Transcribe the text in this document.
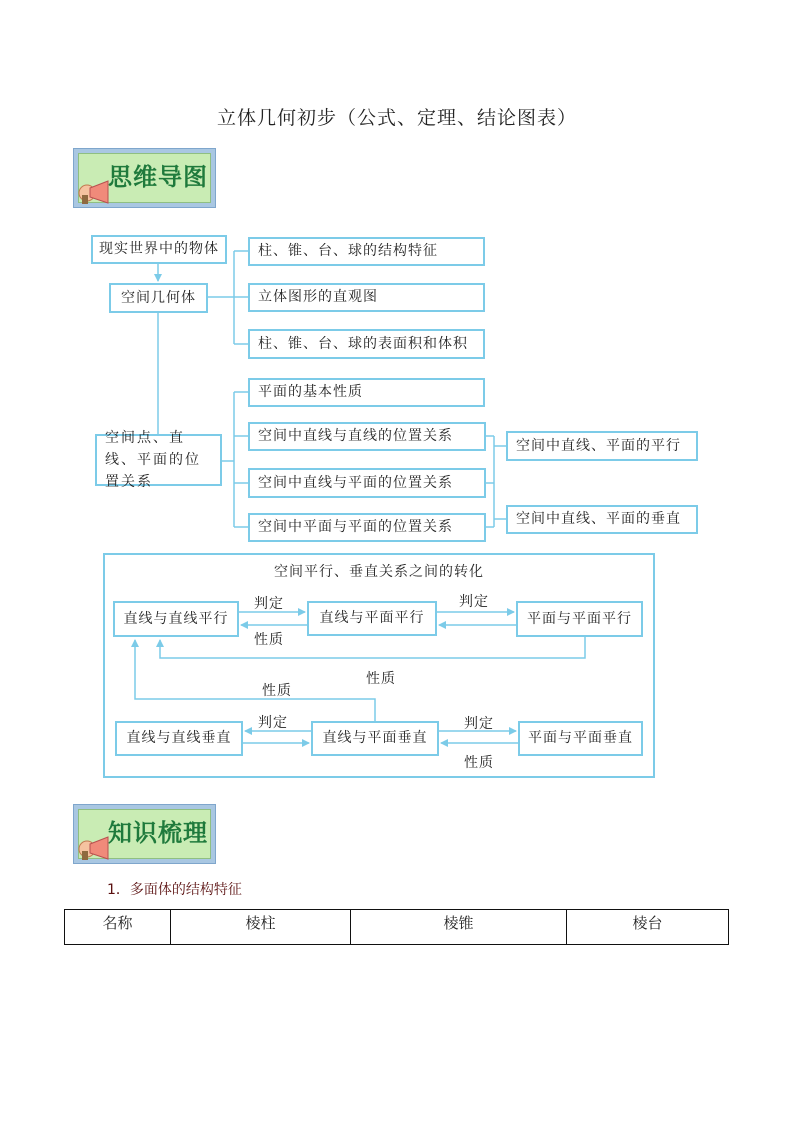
立体几何初步（公式、定理、结论图表）
思维导图
现实世界中的物体
空间几何体
柱、锥、台、球的结构特征
立体图形的直观图
柱、锥、台、球的表面积和体积
空间点、直线、平面的位置关系
平面的基本性质
空间中直线与直线的位置关系
空间中直线与平面的位置关系
空间中平面与平面的位置关系
空间中直线、平面的平行
空间中直线、平面的垂直
空间平行、垂直关系之间的转化
直线与直线平行	直线与平面平行	平面与平面平行
直线与直线垂直	直线与平面垂直	平面与平面垂直
判定	判定
性质
性质
性质
判定	判定
性质
知识梳理
1．多面体的结构特征
名称	棱柱	棱锥	棱台
